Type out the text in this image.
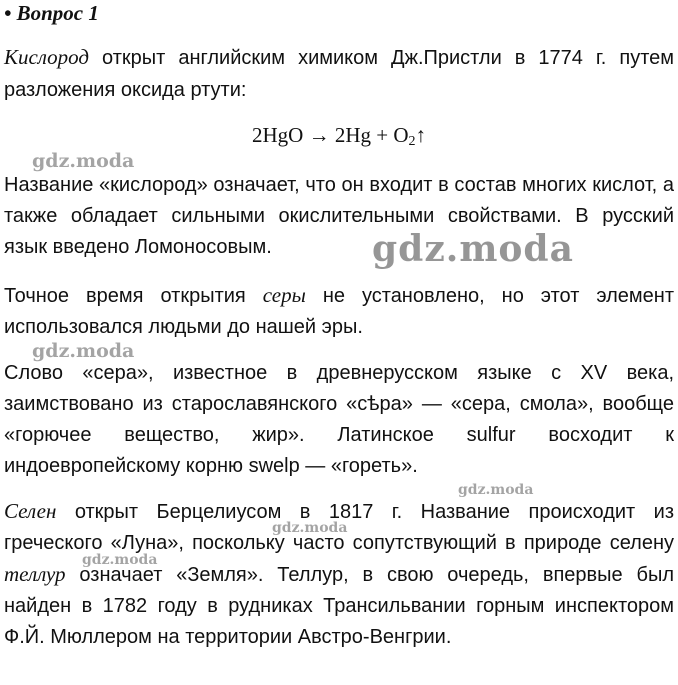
• Вопрос 1

Кислород открыт английским химиком Дж.Пристли в 1774 г. путем разложения оксида ртути:

$2HgO \to 2Hg + O_2↑$

Название «кислород» означает, что он входит в состав многих кислот, а также обладает сильными окислительными свойствами. В русский язык введено Ломоносовым.

Точное время открытия серы не установлено, но этот элемент использовался людьми до нашей эры.

Слово «сера», известное в древнерусском языке с XV века, заимствовано из старославянского «сѣра» — «сера, смола», вообще «горючее вещество, жир». Латинское sulfur восходит к индоевропейскому корню swelp — «гореть».

Селен открыт Берцелиусом в 1817 г. Название происходит из греческого «Луна», поскольку часто сопутствующий в природе селену теллур означает «Земля». Теллур, в свою очередь, впервые был найден в 1782 году в рудниках Трансильвании горным инспектором Ф.Й. Мюллером на территории Австро-Венгрии.

gdz.moda
gdz.moda
gdz.moda
gdz.moda
gdz.moda
gdz.moda
